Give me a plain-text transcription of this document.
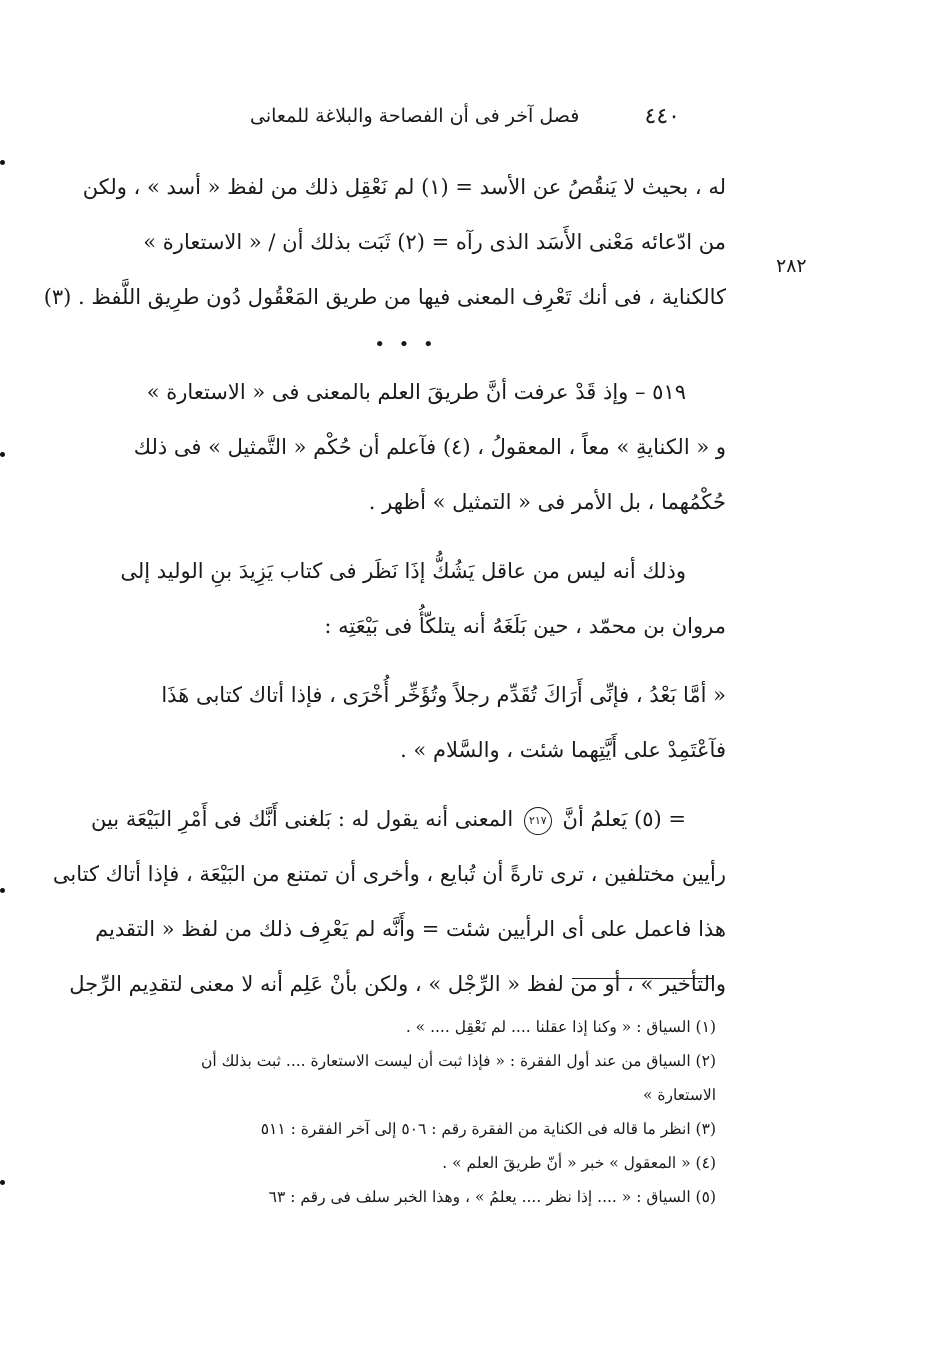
٤٤٠
فصل آخر فى أن الفصاحة والبلاغة للمعانى
٢٨٢
له ، بحيث لا يَنقُصُ عن الأسد = (١) لم نَعْقِل ذلك من لفظ « أسد » ، ولكن
من ادّعائه مَعْنى الأَسَد الذى رآه = (٢) ثَبَت بذلك أن / « الاستعارة »
كالكناية ، فى أنك تَعْرِف المعنى فيها من طريق المَعْقُول دُون طرِيق اللَّفظ . (٣)
• • •
٥١٩ – وإذ قَدْ عرفت أنَّ طريقَ العلم بالمعنى فى « الاستعارة »
و « الكنايةِ » معاً ، المعقولُ ، (٤) فآعلم أن حُكْم « التَّمثيل » فى ذلك
حُكْمُهما ، بل الأمر فى « التمثيل » أظهر .
وذلك أنه ليس من عاقل يَشُكُّ إذَا نَظَر فى كتاب يَزِيدَ بنِ الوليد إلى
مروان بن محمّد ، حين بَلَغَهُ أنه يتلكّأُ فى بَيْعَتِه :
« أمَّا بَعْدُ ، فإنِّى أَرَاكَ تُقَدِّم رجلاً وتُؤَخِّر أُخْرَى ، فإذا أتاك كتابى هَذَا
فآعْتَمِدْ على أَيَّتِهما شئت ، والسَّلام » .
= (٥) يَعلمُ أنَّ ٢١٧ المعنى أنه يقول له : بَلغنى أَنَّك فى أَمْرِ البَيْعَة بين
رأيين مختلفين ، ترى تارةً أن تُبايع ، وأخرى أن تمتنع من البَيْعَة ، فإذا أتاك كتابى
هذا فاعمل على أى الرأيين شئت = وأَنَّه لم يَعْرِف ذلك من لفظ « التقديم
والتأخير » ، أو من لفظ « الرِّجْل » ، ولكن بأنْ عَلِم أنه لا معنى لتقدِيم الرِّجل
(١) السياق : « وكنا إذا عقلنا .... لم نَعْقِل .... » .
(٢) السياق من عند أول الفقرة : « فإذا ثبت أن ليست الاستعارة .... ثبت بذلك أن
الاستعارة »
(٣) انظر ما قاله فى الكناية من الفقرة رقم : ٥٠٦ إلى آخر الفقرة : ٥١١
(٤) « المعقول » خبر « أنّ طريقَ العلم » .
(٥) السياق : « .... إذا نظر .... يعلمُ » ، وهذا الخبر سلف فى رقم : ٦٣
